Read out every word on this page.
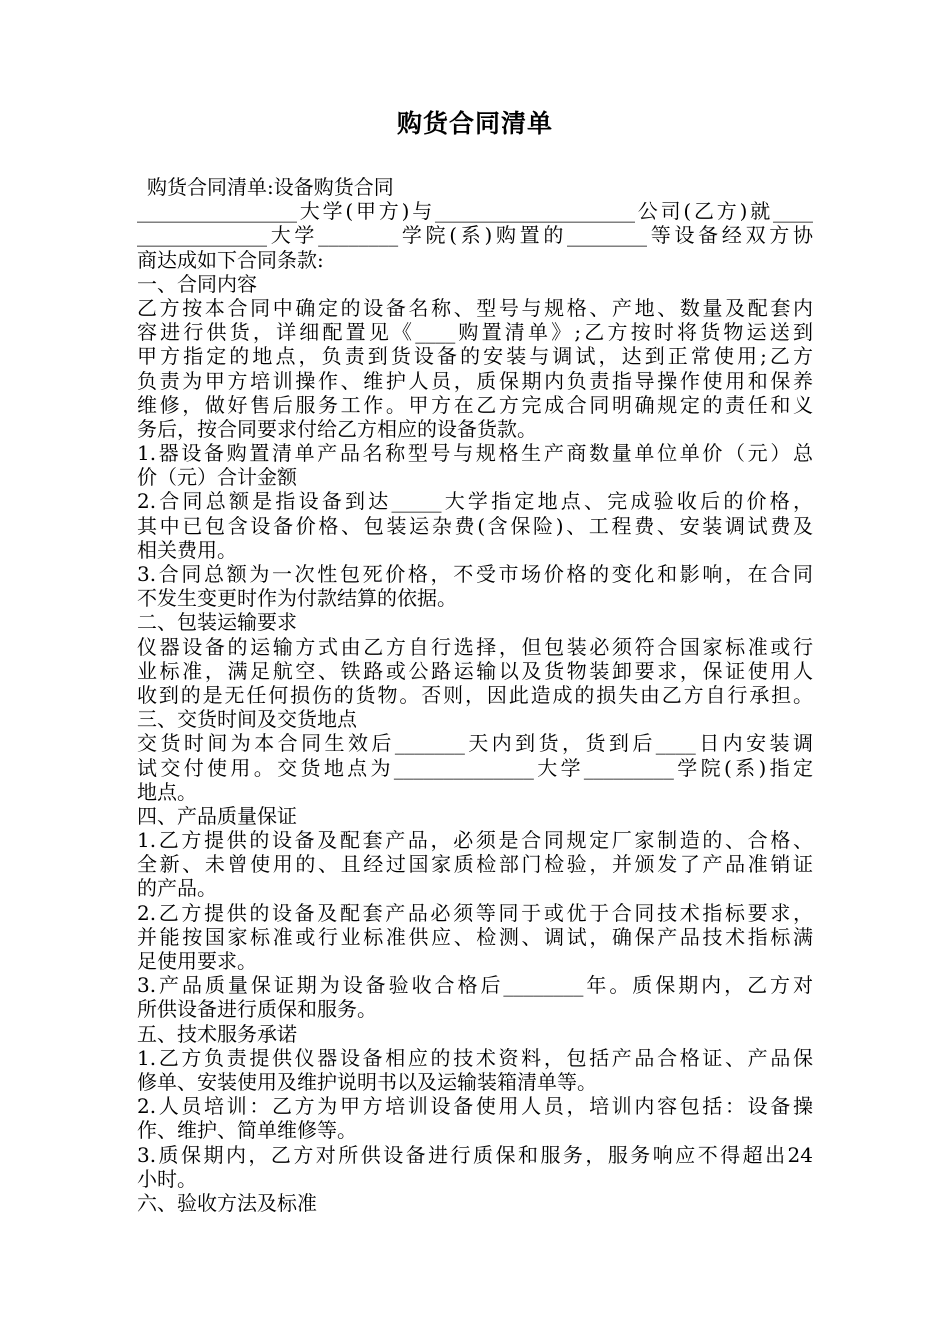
购货合同清单
购货合同清单:设备购货合同
________________大学(甲方)与____________________公司(乙方)就____
_____________大学________学院(系)购置的________等设备经双方协
商达成如下合同条款:
一、合同内容
乙方按本合同中确定的设备名称、型号与规格、产地、数量及配套内
容进行供货，详细配置见《____购置清单》;乙方按时将货物运送到
甲方指定的地点，负责到货设备的安装与调试，达到正常使用;乙方
负责为甲方培训操作、维护人员，质保期内负责指导操作使用和保养
维修，做好售后服务工作。甲方在乙方完成合同明确规定的责任和义
务后，按合同要求付给乙方相应的设备货款。
1.器设备购置清单产品名称型号与规格生产商数量单位单价（元）总
价（元）合计金额
2.合同总额是指设备到达_____大学指定地点、完成验收后的价格，
其中已包含设备价格、包装运杂费(含保险)、工程费、安装调试费及
相关费用。
3.合同总额为一次性包死价格，不受市场价格的变化和影响，在合同
不发生变更时作为付款结算的依据。
二、包装运输要求
仪器设备的运输方式由乙方自行选择，但包装必须符合国家标准或行
业标准，满足航空、铁路或公路运输以及货物装卸要求，保证使用人
收到的是无任何损伤的货物。否则，因此造成的损失由乙方自行承担。
三、交货时间及交货地点
交货时间为本合同生效后_______天内到货，货到后____日内安装调
试交付使用。交货地点为______________大学_________学院(系)指定
地点。
四、产品质量保证
1.乙方提供的设备及配套产品，必须是合同规定厂家制造的、合格、
全新、未曾使用的、且经过国家质检部门检验，并颁发了产品准销证
的产品。
2.乙方提供的设备及配套产品必须等同于或优于合同技术指标要求，
并能按国家标准或行业标准供应、检测、调试，确保产品技术指标满
足使用要求。
3.产品质量保证期为设备验收合格后________年。质保期内，乙方对
所供设备进行质保和服务。
五、技术服务承诺
1.乙方负责提供仪器设备相应的技术资料，包括产品合格证、产品保
修单、安装使用及维护说明书以及运输装箱清单等。
2.人员培训：乙方为甲方培训设备使用人员，培训内容包括：设备操
作、维护、简单维修等。
3.质保期内，乙方对所供设备进行质保和服务，服务响应不得超出24
小时。
六、验收方法及标准
